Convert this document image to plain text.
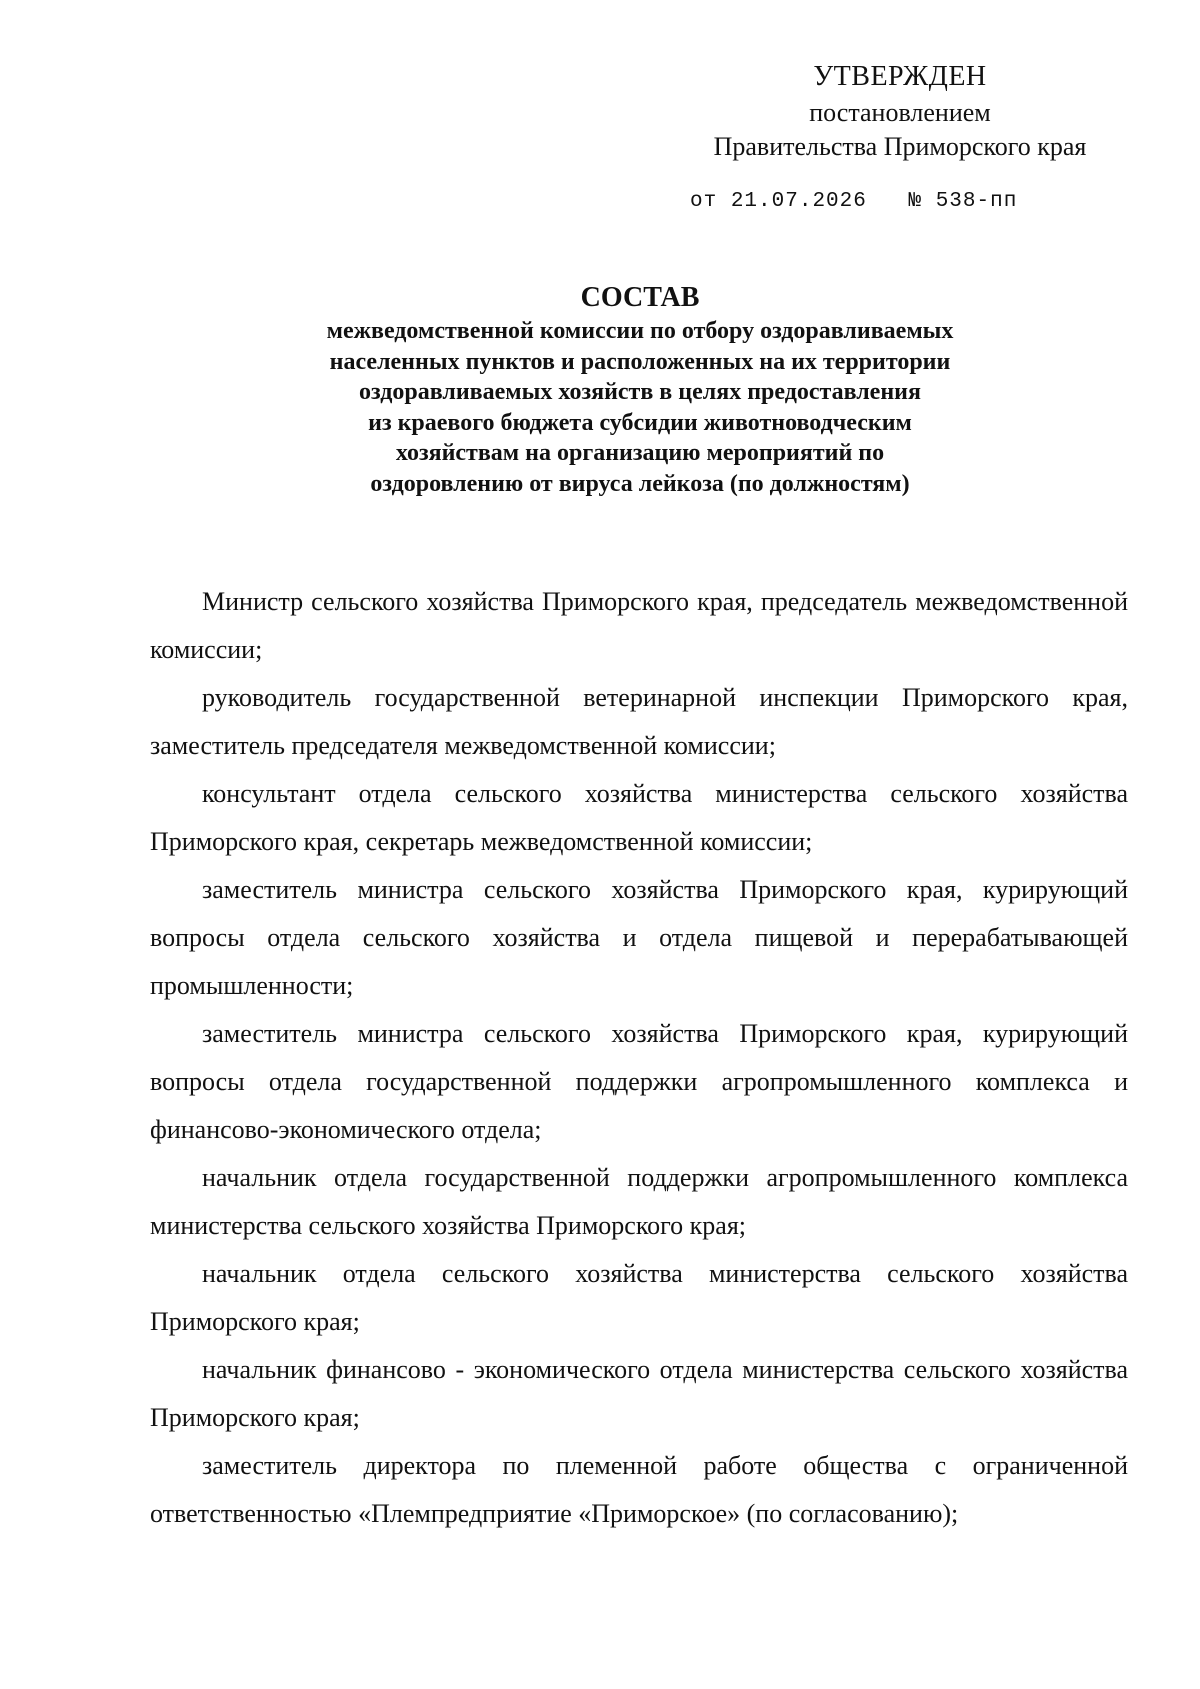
УТВЕРЖДЕН
постановлением
Правительства Приморского края
от 21.07.2026 № 538-пп
СОСТАВ
межведомственной комиссии по отбору оздоравливаемых
населенных пунктов и расположенных на их территории
оздоравливаемых хозяйств в целях предоставления
из краевого бюджета субсидии животноводческим
хозяйствам на организацию мероприятий по
оздоровлению от вируса лейкоза (по должностям)

Министр сельского хозяйства Приморского края, председатель межведомственной комиссии;

руководитель государственной ветеринарной инспекции Приморского края, заместитель председателя межведомственной комиссии;

консультант отдела сельского хозяйства министерства сельского хозяйства Приморского края, секретарь межведомственной комиссии;

заместитель министра сельского хозяйства Приморского края, курирующий вопросы отдела сельского хозяйства и отдела пищевой и перерабатывающей промышленности;

заместитель министра сельского хозяйства Приморского края, курирующий вопросы отдела государственной поддержки агропромышленного комплекса и финансово-экономического отдела;

начальник отдела государственной поддержки агропромышленного комплекса министерства сельского хозяйства Приморского края;

начальник отдела сельского хозяйства министерства сельского хозяйства Приморского края;

начальник финансово - экономического отдела министерства сельского хозяйства Приморского края;

заместитель директора по племенной работе общества с ограниченной ответственностью «Племпредприятие «Приморское» (по согласованию);
